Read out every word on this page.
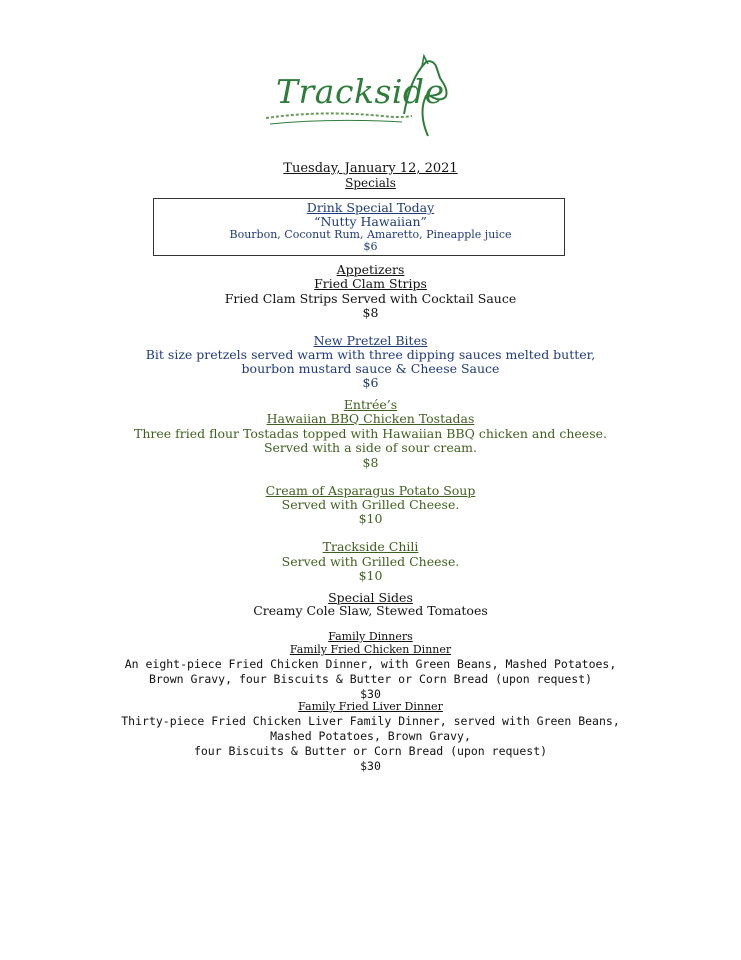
Trackside
Tuesday, January 12, 2021
Specials
Drink Special Today
“Nutty Hawaiian”
Bourbon, Coconut Rum, Amaretto, Pineapple juice
$6
Appetizers
Fried Clam Strips
Fried Clam Strips Served with Cocktail Sauce
$8
New Pretzel Bites
Bit size pretzels served warm with three dipping sauces melted butter,
bourbon mustard sauce & Cheese Sauce
$6
Entrée’s
Hawaiian BBQ Chicken Tostadas
Three fried flour Tostadas topped with Hawaiian BBQ chicken and cheese.
Served with a side of sour cream.
$8
Cream of Asparagus Potato Soup
Served with Grilled Cheese.
$10
Trackside Chili
Served with Grilled Cheese.
$10
Special Sides
Creamy Cole Slaw, Stewed Tomatoes
Family Dinners
Family Fried Chicken Dinner
An eight-piece Fried Chicken Dinner, with Green Beans, Mashed Potatoes,
Brown Gravy, four Biscuits & Butter or Corn Bread (upon request)
$30
Family Fried Liver Dinner
Thirty-piece Fried Chicken Liver Family Dinner, served with Green Beans,
Mashed Potatoes, Brown Gravy,
four Biscuits & Butter or Corn Bread (upon request)
$30
